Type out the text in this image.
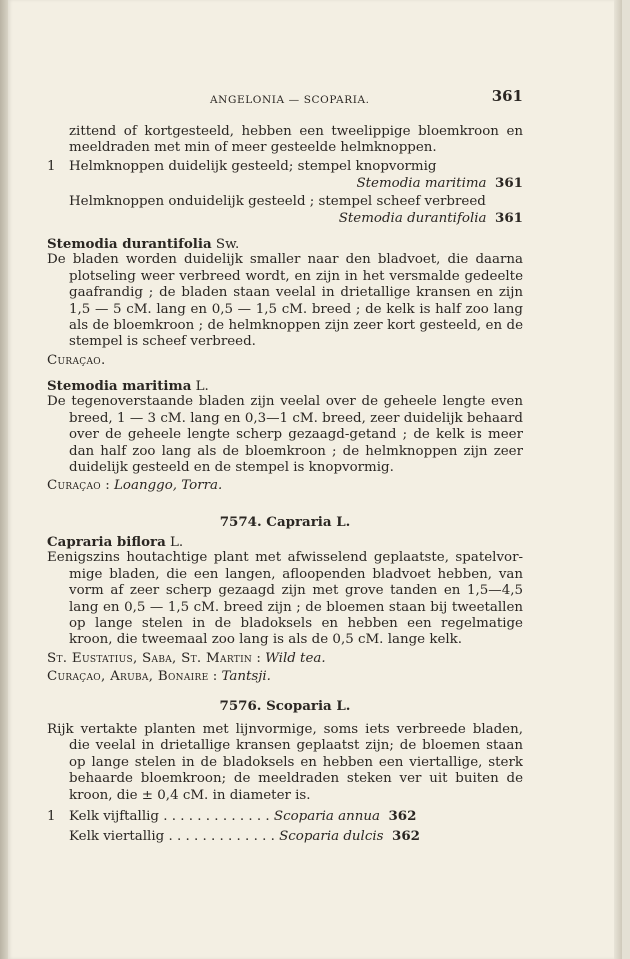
ANGELONIA — SCOPARIA.	361
zittend of kortgesteeld, hebben een tweelippige bloemkroon en
meeldraden met min of meer gesteelde helmknoppen.
1 Helmknoppen duidelijk gesteeld; stempel knopvormig
Stemodia maritima 361
Helmknoppen onduidelijk gesteeld ; stempel scheef verbreed
Stemodia durantifolia 361
Stemodia durantifolia Sw.
De bladen worden duidelijk smaller naar den bladvoet, die daarna
plotseling weer verbreed wordt, en zijn in het versmalde gedeelte
gaafrandig ; de bladen staan veelal in drietallige kransen en zijn
1,5 — 5 cM. lang en 0,5 — 1,5 cM. breed ; de kelk is half zoo lang
als de bloemkroon ; de helmknoppen zijn zeer kort gesteeld, en de
stempel is scheef verbreed.
Curaçao.
Stemodia maritima L.
De tegenoverstaande bladen zijn veelal over de geheele lengte even
breed, 1 — 3 cM. lang en 0,3—1 cM. breed, zeer duidelijk behaard
over de geheele lengte scherp gezaagd-getand ; de kelk is meer
dan half zoo lang als de bloemkroon ; de helmknoppen zijn zeer
duidelijk gesteeld en de stempel is knopvormig.
Curaçao : Loanggo, Torra.
7574. Capraria L.
Capraria biflora L.
Eenigszins houtachtige plant met afwisselend geplaatste, spatelvor-
mige bladen, die een langen, afloopenden bladvoet hebben, van
vorm af zeer scherp gezaagd zijn met grove tanden en 1,5—4,5
lang en 0,5 — 1,5 cM. breed zijn ; de bloemen staan bij tweetallen
op lange stelen in de bladoksels en hebben een regelmatige
kroon, die tweemaal zoo lang is als de 0,5 cM. lange kelk.
St. Eustatius, Saba, St. Martin : Wild tea.
Curaçao, Aruba, Bonaire : Tantsji.
7576. Scoparia L.
Rijk vertakte planten met lijnvormige, soms iets verbreede bladen,
die veelal in drietallige kransen geplaatst zijn; de bloemen staan
op lange stelen in de bladoksels en hebben een viertallige, sterk
behaarde bloemkroon; de meeldraden steken ver uit buiten de
kroon, die ± 0,4 cM. in diameter is.
1 Kelk vijftallig . . . . . . . . . . . . . Scoparia annua 362
Kelk viertallig . . . . . . . . . . . . . Scoparia dulcis 362
